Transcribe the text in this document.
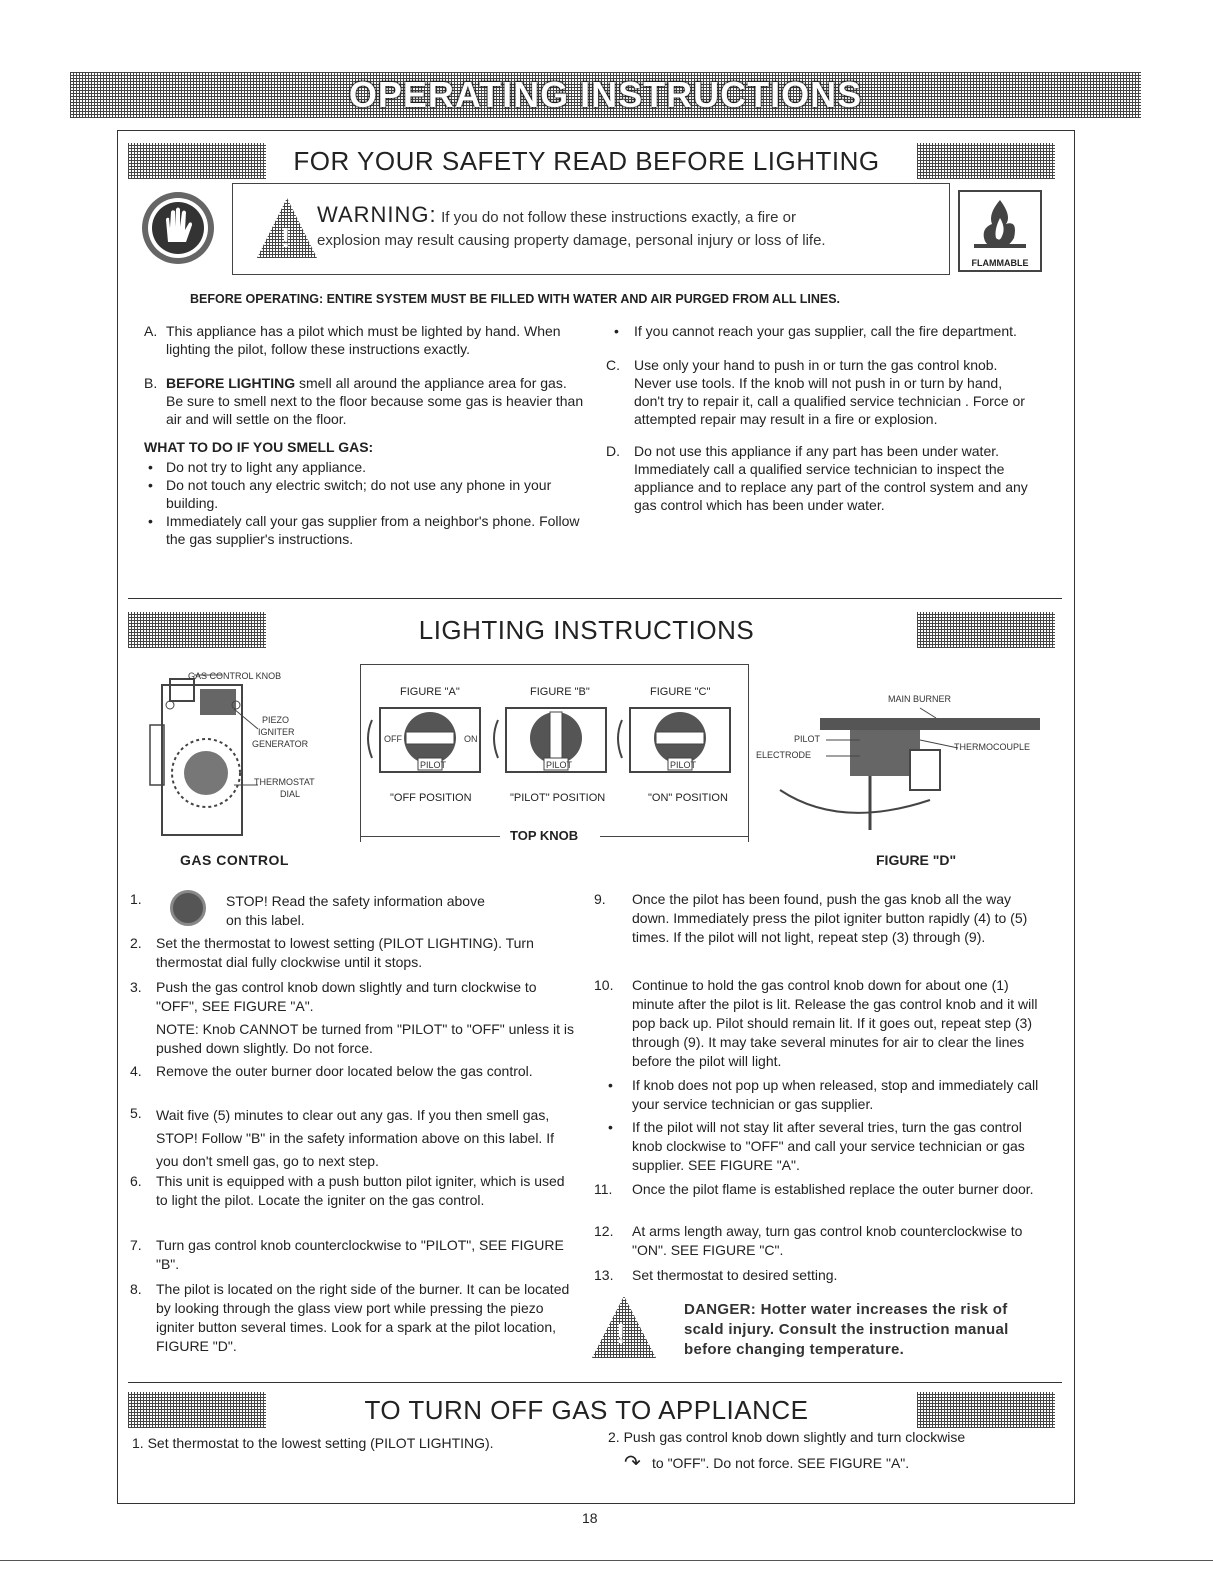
OPERATING INSTRUCTIONS
FOR YOUR SAFETY READ BEFORE LIGHTING
!
WARNING: If you do not follow these instructions exactly, a fire or
explosion may result causing property damage, personal injury or loss of life.
FLAMMABLE
BEFORE OPERATING: ENTIRE SYSTEM MUST BE FILLED WITH WATER AND AIR PURGED FROM ALL LINES.
A. This appliance has a pilot which must be lighted by hand. When lighting the pilot, follow these instructions exactly.
B. BEFORE LIGHTING smell all around the appliance area for gas. Be sure to smell next to the floor because some gas is heavier than air and will settle on the floor.
WHAT TO DO IF YOU SMELL GAS:
• Do not try to light any appliance.
• Do not touch any electric switch; do not use any phone in your building.
• Immediately call your gas supplier from a neighbor's phone. Follow the gas supplier's instructions.
• If you cannot reach your gas supplier, call the fire department.
C. Use only your hand to push in or turn the gas control knob. Never use tools. If the knob will not push in or turn by hand, don't try to repair it, call a qualified service technician . Force or attempted repair may result in a fire or explosion.
D. Do not use this appliance if any part has been under water. Immediately call a qualified service technician to inspect the appliance and to replace any part of the control system and any gas control which has been under water.
LIGHTING INSTRUCTIONS
GAS CONTROL KNOB
PIEZO
IGNITER
GENERATOR
THERMOSTAT
DIAL
GAS CONTROL
FIGURE "A"	FIGURE "B"	FIGURE "C"
PILOT	PILOT	PILOT
OFF	ON
"OFF POSITION	"PILOT" POSITION	"ON" POSITION
TOP KNOB
MAIN BURNER
PILOT
ELECTRODE
THERMOCOUPLE
FIGURE "D"
1.	STOP! Read the safety information above on this label.
2. Set the thermostat to lowest setting (PILOT LIGHTING). Turn thermostat dial fully clockwise until it stops.
3. Push the gas control knob down slightly and turn clockwise to "OFF", SEE FIGURE "A".
NOTE: Knob CANNOT be turned from "PILOT" to "OFF" unless it is pushed down slightly. Do not force.
4. Remove the outer burner door located below the gas control.
5. Wait five (5) minutes to clear out any gas. If you then smell gas, STOP! Follow "B" in the safety information above on this label. If you don't smell gas, go to next step.
6. This unit is equipped with a push button pilot igniter, which is used to light the pilot. Locate the igniter on the gas control.
7. Turn gas control knob counterclockwise to "PILOT", SEE FIGURE "B".
8. The pilot is located on the right side of the burner. It can be located by looking through the glass view port while pressing the piezo igniter button several times. Look for a spark at the pilot location, FIGURE "D".
9. Once the pilot has been found, push the gas knob all the way down. Immediately press the pilot igniter button rapidly (4) to (5) times. If the pilot will not light, repeat step (3) through (9).
10. Continue to hold the gas control knob down for about one (1) minute after the pilot is lit. Release the gas control knob and it will pop back up. Pilot should remain lit. If it goes out, repeat step (3) through (9). It may take several minutes for air to clear the lines before the pilot will light.
• If knob does not pop up when released, stop and immediately call your service technician or gas supplier.
• If the pilot will not stay lit after several tries, turn the gas control knob clockwise to "OFF" and call your service technician or gas supplier. SEE FIGURE "A".
11. Once the pilot flame is established replace the outer burner door.
12. At arms length away, turn gas control knob counterclockwise to "ON". SEE FIGURE "C".
13. Set thermostat to desired setting.
!
DANGER: Hotter water increases the risk of scald injury. Consult the instruction manual before changing temperature.
TO TURN OFF GAS TO APPLIANCE
1. Set thermostat to the lowest setting (PILOT LIGHTING).	2. Push gas control knob down slightly and turn clockwise
↷ to "OFF". Do not force. SEE FIGURE "A".
18
